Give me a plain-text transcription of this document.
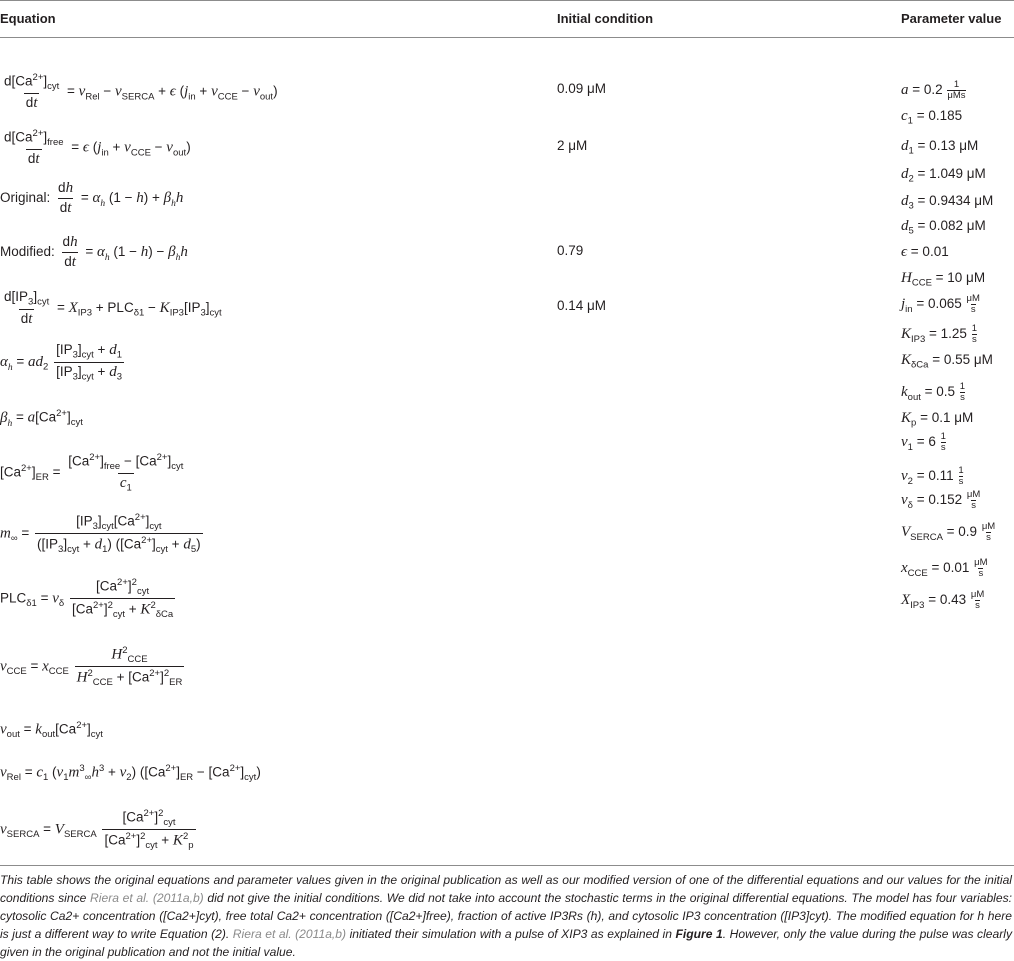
Equation	Initial condition	Parameter value
$\frac{d[Ca^{2+}]_{cyt}}{dt} = v_{Rel} - v_{SERCA} + \epsilon$ $(j_{in} + v_{CCE} - v_{out})$
$\frac{d[Ca^{2+}]_{free}}{dt} = \epsilon$ $(j_{in} + v_{CCE} - v_{out})$
Original: $\frac{dh}{dt} = \alpha_h$ $(1 - h) + \beta_hh$
Modified: $\frac{dh}{dt} = \alpha_h$ $(1 - h) - \beta_hh$
$\frac{d[IP_3]_{cyt}}{dt} = X_{IP3} + PLC_{\delta 1} - K_{IP3}[IP_3]_{cyt}$
$\alpha_h = ad_2 \frac{[IP_3]_{cyt} + d_1}{[IP_3]_{cyt} + d_3}$
$\beta_h = a[Ca^{2+}]_{cyt}$
$[Ca^{2+}]_{ER} = \frac{[Ca^{2+}]_{free} - [Ca^{2+}]_{cyt}}{c_1}$
$m_\infty = \frac{[IP_3]_{cyt}[Ca^{2+}]_{cyt}}{([IP_3]_{cyt} + d_1) ([Ca^{2+}]_{cyt} + d_5)}$
$PLC_{\delta 1} = v_\delta \frac{[Ca^{2+}]^2_{cyt}}{[Ca^{2+}]^2_{cyt} + K^2_{\delta Ca}}$
$v_{CCE} = x_{CCE} \frac{H^2_{CCE}}{H^2_{CCE} + [Ca^{2+}]^2_{ER}}$
$v_{out} = k_{out}[Ca^{2+}]_{cyt}$
$v_{Rel} = c_1$ $(v_1m^3_\infty h^3 + v_2) ([Ca^{2+}]_{ER} - [Ca^{2+}]_{cyt})$
$v_{SERCA} = V_{SERCA} \frac{[Ca^{2+}]^2_{cyt}}{[Ca^{2+}]^2_{cyt} + K^2_p}$
0.09 μM
2 μM
0.79
0.14 μM
$a = 0.2 \frac{1}{\text{μMs}}$
$c_1 = 0.185$
$d_1 = 0.13$ μM
$d_2 = 1.049$ μM
$d_3 = 0.9434$ μM
$d_5 = 0.082$ μM
ϵ = 0.01
$H_{CCE} = 10$ μM
$j_{in} = 0.065 \frac{\mu M}{s}$
$K_{IP3} = 1.25 \frac{1}{s}$
$K_{\delta Ca} = 0.55$ μM
$k_{out} = 0.5 \frac{1}{s}$
$K_p = 0.1$ μM
$v_1 = 6 \frac{1}{s}$
$v_2 = 0.11 \frac{1}{s}$
$v_\delta = 0.152 \frac{\mu M}{s}$
$V_{SERCA} = 0.9 \frac{\mu M}{s}$
$x_{CCE} = 0.01 \frac{\mu M}{s}$
$X_{IP3} = 0.43 \frac{\mu M}{s}$
This table shows the original equations and parameter values given in the original publication as well as our modified version of one of the differential equations and our values for the initial conditions since Riera et al. (2011a,b) did not give the initial conditions. We did not take into account the stochastic terms in the original differential equations. The model has four variables: cytosolic Ca2+ concentration ([Ca2+]cyt), free total Ca2+ concentration ([Ca2+]free), fraction of active IP3Rs (h), and cytosolic IP3 concentration ([IP3]cyt). The modified equation for h here is just a different way to write Equation (2). Riera et al. (2011a,b) initiated their simulation with a pulse of XIP3 as explained in Figure 1. However, only the value during the pulse was clearly given in the original publication and not the initial value.
